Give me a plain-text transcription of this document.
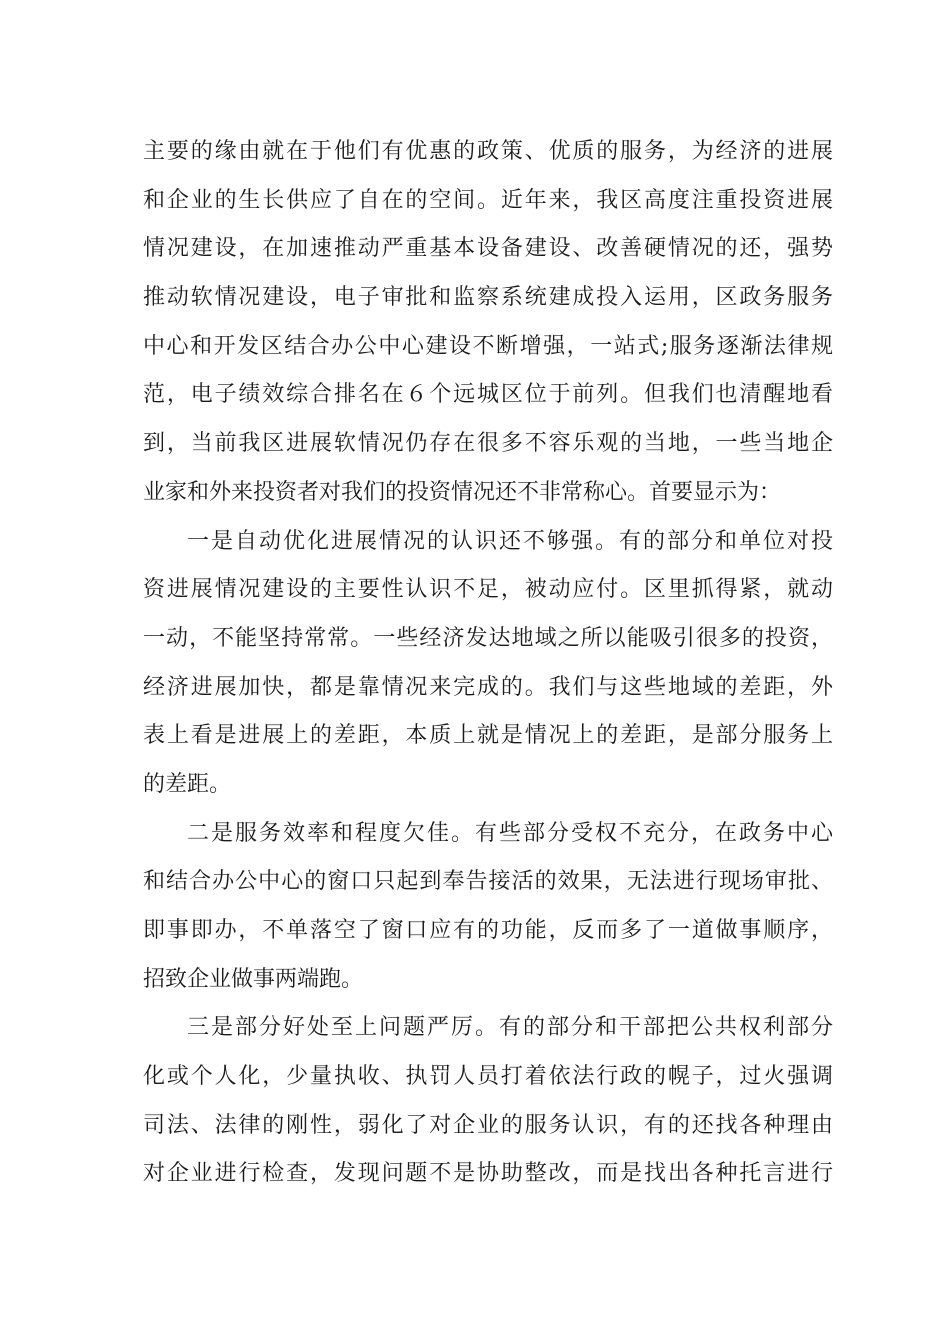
主要的缘由就在于他们有优惠的政策、优质的服务，为经济的进展
和企业的生长供应了自在的空间。近年来，我区高度注重投资进展
情况建设，在加速推动严重基本设备建设、改善硬情况的还，强势
推动软情况建设，电子审批和监察系统建成投入运用，区政务服务
中心和开发区结合办公中心建设不断增强，一站式;服务逐渐法律规
范，电子绩效综合排名在６个远城区位于前列。但我们也清醒地看
到，当前我区进展软情况仍存在很多不容乐观的当地，一些当地企
业家和外来投资者对我们的投资情况还不非常称心。首要显示为：
一是自动优化进展情况的认识还不够强。有的部分和单位对投
资进展情况建设的主要性认识不足，被动应付。区里抓得紧，就动
一动，不能坚持常常。一些经济发达地域之所以能吸引很多的投资，
经济进展加快，都是靠情况来完成的。我们与这些地域的差距，外
表上看是进展上的差距，本质上就是情况上的差距，是部分服务上
的差距。
二是服务效率和程度欠佳。有些部分受权不充分，在政务中心
和结合办公中心的窗口只起到奉告接活的效果，无法进行现场审批、
即事即办，不单落空了窗口应有的功能，反而多了一道做事顺序，
招致企业做事两端跑。
三是部分好处至上问题严厉。有的部分和干部把公共权利部分
化或个人化，少量执收、执罚人员打着依法行政的幌子，过火强调
司法、法律的刚性，弱化了对企业的服务认识，有的还找各种理由
对企业进行检查，发现问题不是协助整改，而是找出各种托言进行
